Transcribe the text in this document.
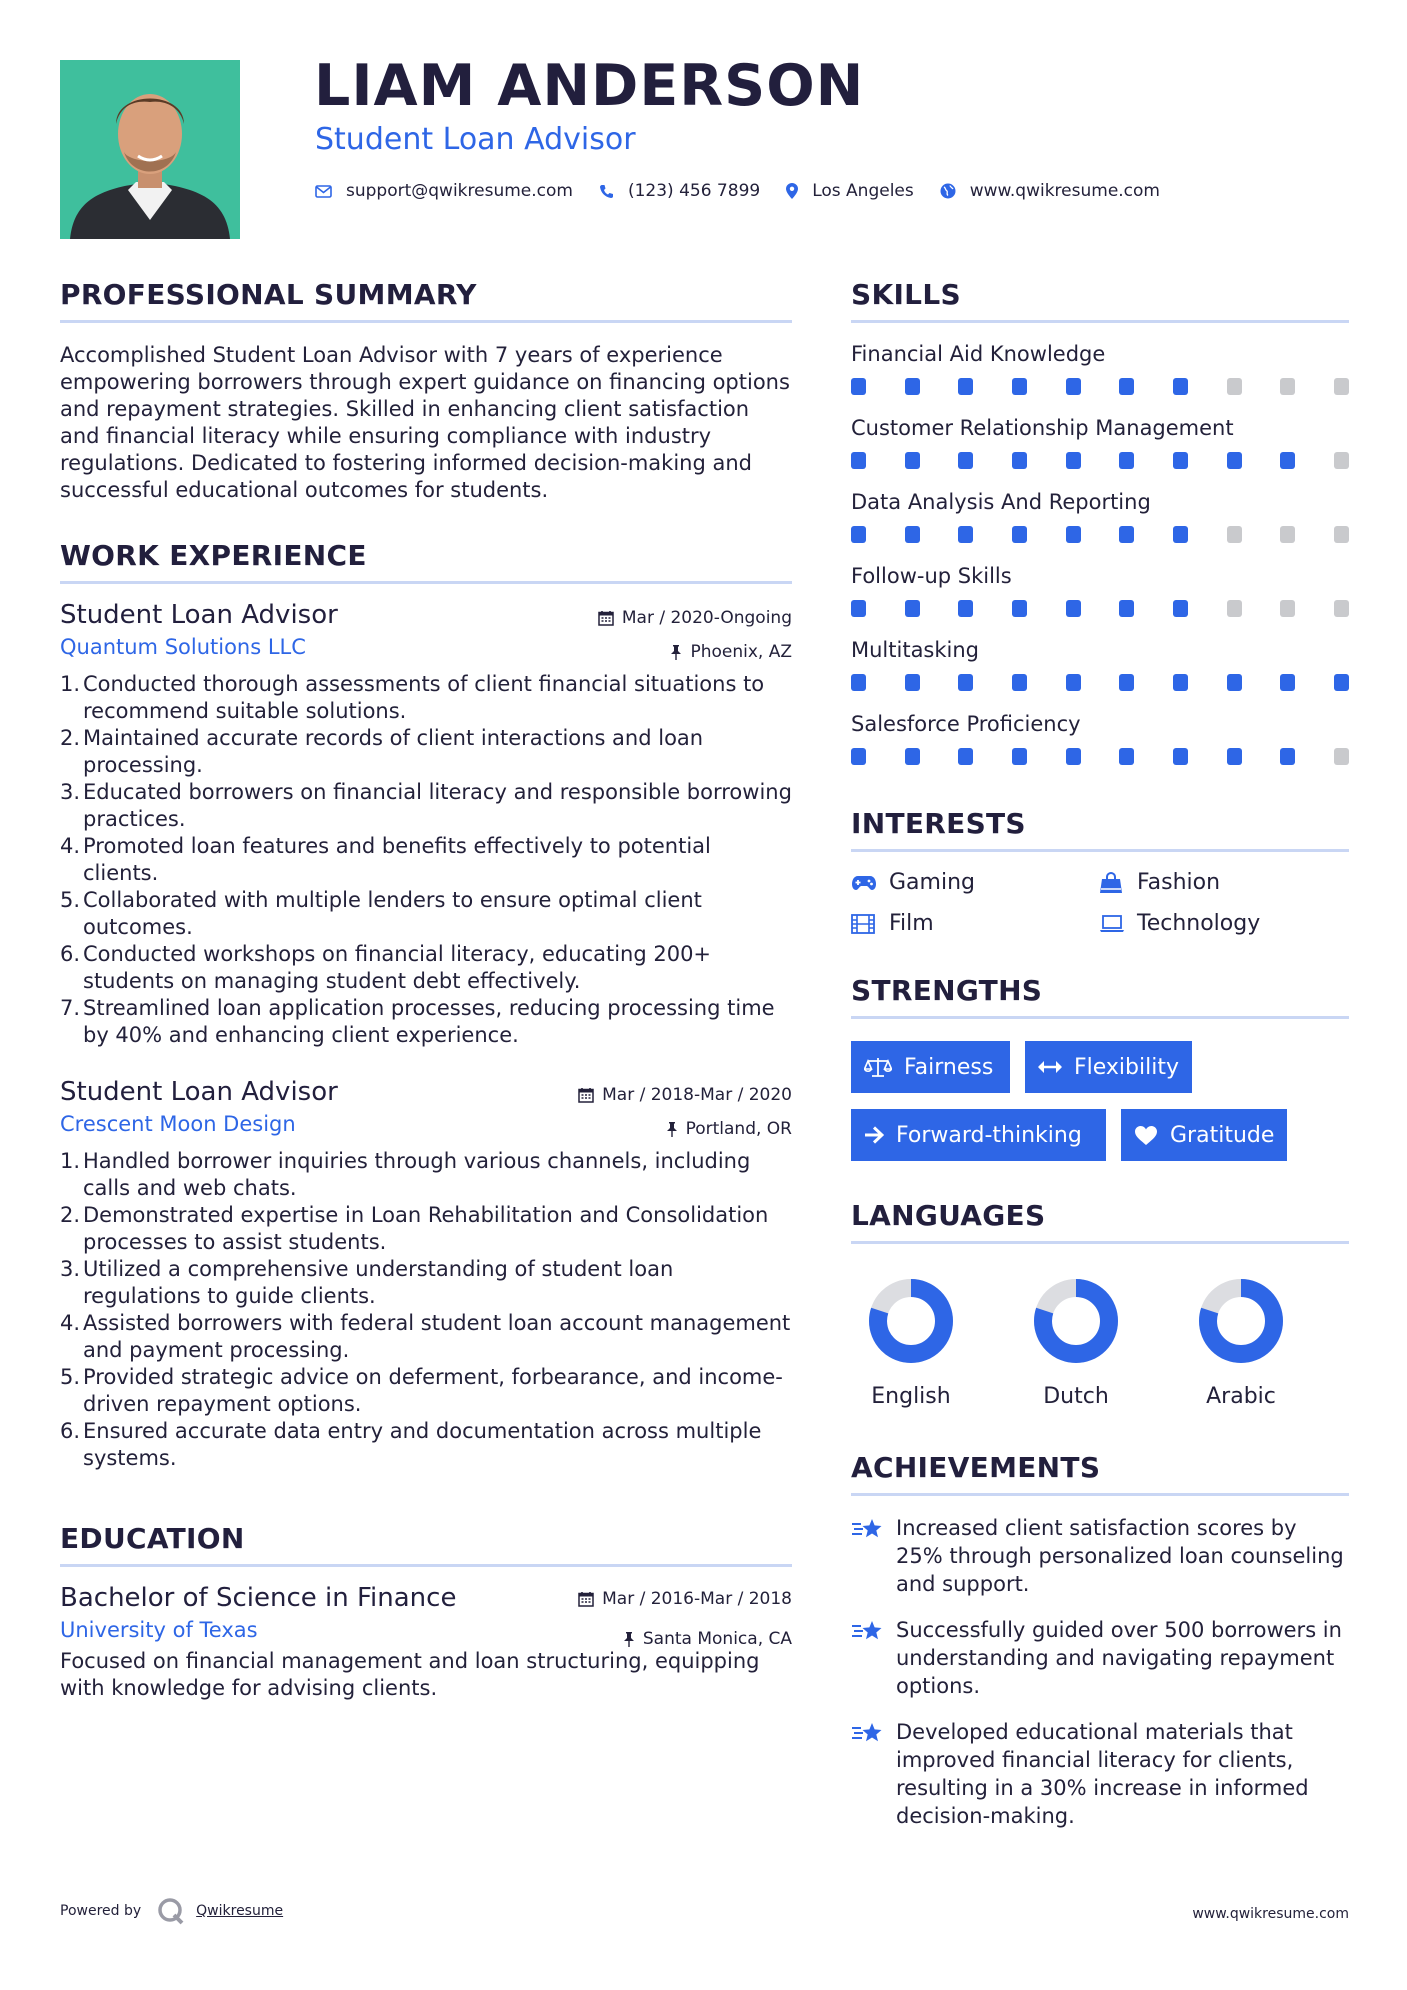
LIAM ANDERSON
Student Loan Advisor
support@qwikresume.com	(123) 456 7899	Los Angeles	www.qwikresume.com
PROFESSIONAL SUMMARY

Accomplished Student Loan Advisor with 7 years of experience empowering borrowers through expert guidance on financing options and repayment strategies. Skilled in enhancing client satisfaction and financial literacy while ensuring compliance with industry regulations. Dedicated to fostering informed decision-making and successful educational outcomes for students.

WORK EXPERIENCE
Student Loan Advisor
Quantum Solutions LLC
Mar / 2020-Ongoing
Phoenix, AZ
1 . Conducted thorough assessments of client financial situations to recommend suitable solutions.
2 . Maintained accurate records of client interactions and loan processing.
3 . Educated borrowers on financial literacy and responsible borrowing practices.
4 . Promoted loan features and benefits effectively to potential clients.
5 . Collaborated with multiple lenders to ensure optimal client outcomes.
6 . Conducted workshops on financial literacy, educating 200+ students on managing student debt effectively.
7 . Streamlined loan application processes, reducing processing time by 40% and enhancing client experience.
Student Loan Advisor
Crescent Moon Design
Mar / 2018-Mar / 2020
Portland, OR
1 . Handled borrower inquiries through various channels, including calls and web chats.
2 . Demonstrated expertise in Loan Rehabilitation and Consolidation processes to assist students.
3 . Utilized a comprehensive understanding of student loan regulations to guide clients.
4 . Assisted borrowers with federal student loan account management and payment processing.
5 . Provided strategic advice on deferment, forbearance, and income-driven repayment options.
6 . Ensured accurate data entry and documentation across multiple systems.
EDUCATION
Bachelor of Science in Finance
University of Texas
Mar / 2016-Mar / 2018
Santa Monica, CA

Focused on financial management and loan structuring, equipping with knowledge for advising clients.

SKILLS
Financial Aid Knowledge
Customer Relationship Management
Data Analysis And Reporting
Follow-up Skills
Multitasking
Salesforce Proficiency
INTERESTS
Gaming	Fashion
Film	Technology
STRENGTHS
Fairness	Flexibility
Forward-thinking	Gratitude
LANGUAGES
English	Dutch	Arabic
ACHIEVEMENTS
Increased client satisfaction scores by 25% through personalized loan counseling and support.
Successfully guided over 500 borrowers in understanding and navigating repayment options.
Developed educational materials that improved financial literacy for clients, resulting in a 30% increase in informed decision-making.
Powered by	Qwikresume	www.qwikresume.com
